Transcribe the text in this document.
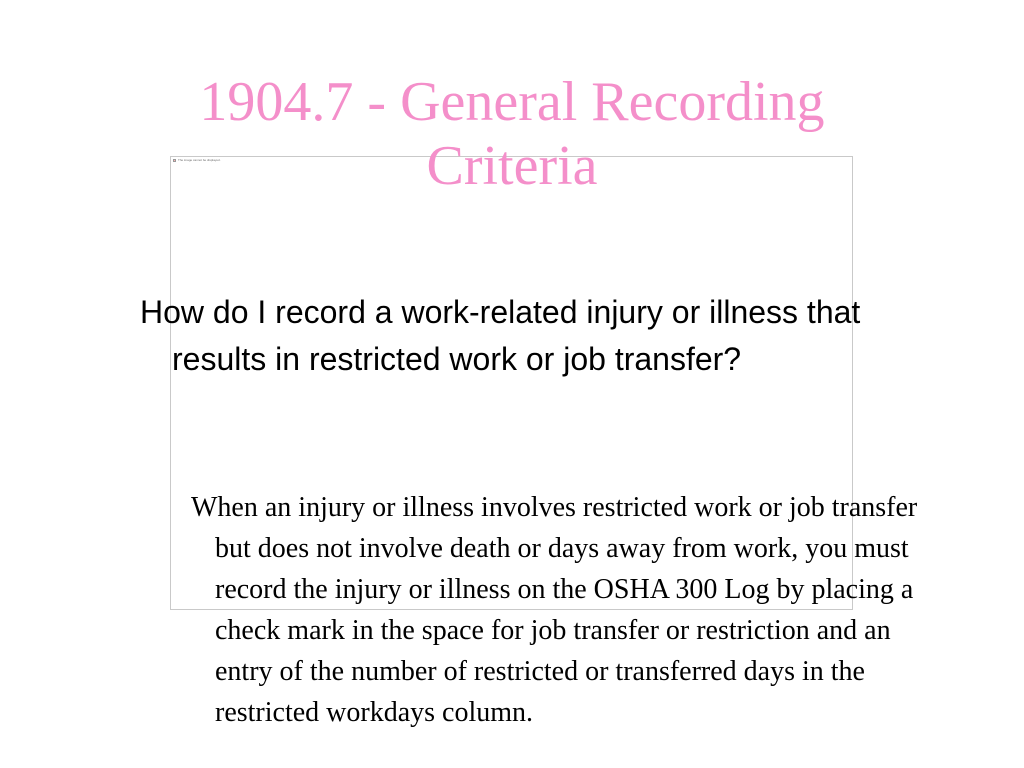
1904.7 - General Recording Criteria
The image cannot be displayed.

How do I record a work-related injury or illness that results in restricted work or job transfer?

When an injury or illness involves restricted work or job transfer but does not involve death or days away from work, you must record the injury or illness on the OSHA 300 Log by placing a check mark in the space for job transfer or restriction and an entry of the number of restricted or transferred days in the restricted workdays column.
